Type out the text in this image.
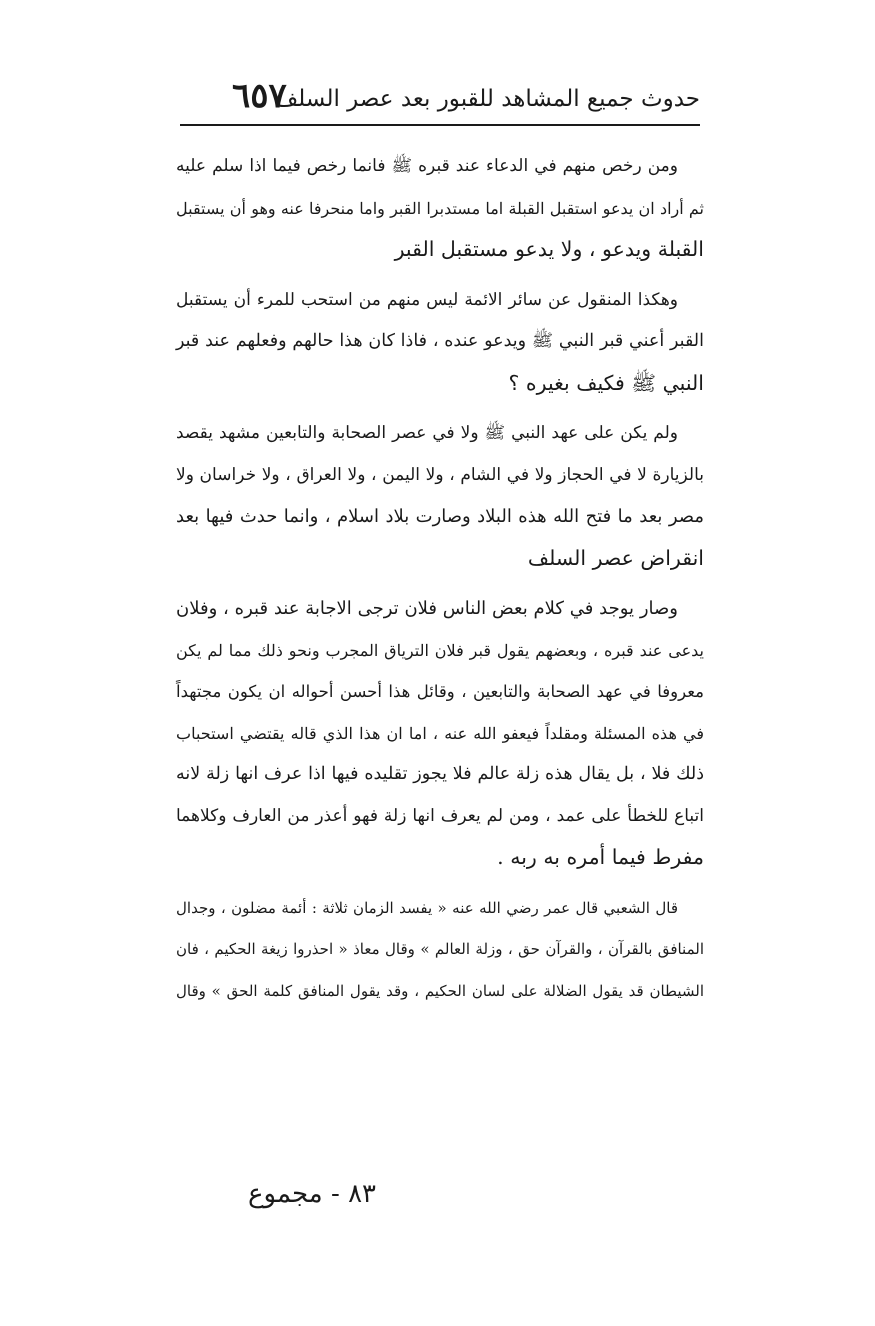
حدوث جميع المشاهد للقبور بعد عصر السلف
٦٥٧
ومن رخص منهم في الدعاء عند قبره ﷺ فانما رخص فيما اذا سلم عليه
ثم أراد ان يدعو استقبل القبلة اما مستدبرا القبر واما منحرفا عنه وهو أن يستقبل
القبلة ويدعو ، ولا يدعو مستقبل القبر
وهكذا المنقول عن سائر الائمة ليس منهم من استحب للمرء أن يستقبل
القبر أعني قبر النبي ﷺ ويدعو عنده ، فاذا كان هذا حالهم وفعلهم عند قبر
النبي ﷺ فكيف بغيره ؟
ولم يكن على عهد النبي ﷺ ولا في عصر الصحابة والتابعين مشهد يقصد
بالزيارة لا في الحجاز ولا في الشام ، ولا اليمن ، ولا العراق ، ولا خراسان ولا
مصر بعد ما فتح الله هذه البلاد وصارت بلاد اسلام ، وانما حدث فيها بعد
انقراض عصر السلف
وصار يوجد في كلام بعض الناس فلان ترجى الاجابة عند قبره ، وفلان
يدعى عند قبره ، وبعضهم يقول قبر فلان الترياق المجرب ونحو ذلك مما لم يكن
معروفا في عهد الصحابة والتابعين ، وقائل هذا أحسن أحواله ان يكون مجتهداً
في هذه المسئلة ومقلداً فيعفو الله عنه ، اما ان هذا الذي قاله يقتضي استحباب
ذلك فلا ، بل يقال هذه زلة عالم فلا يجوز تقليده فيها اذا عرف انها زلة لانه
اتباع للخطأ على عمد ، ومن لم يعرف انها زلة فهو أعذر من العارف وكلاهما
مفرط فيما أمره به ربه .
قال الشعبي قال عمر رضي الله عنه « يفسد الزمان ثلاثة : أئمة مضلون ، وجدال
المنافق بالقرآن ، والقرآن حق ، وزلة العالم » وقال معاذ « احذروا زيغة الحكيم ، فان
الشيطان قد يقول الضلالة على لسان الحكيم ، وقد يقول المنافق كلمة الحق » وقال
٨٣ - مجموع
